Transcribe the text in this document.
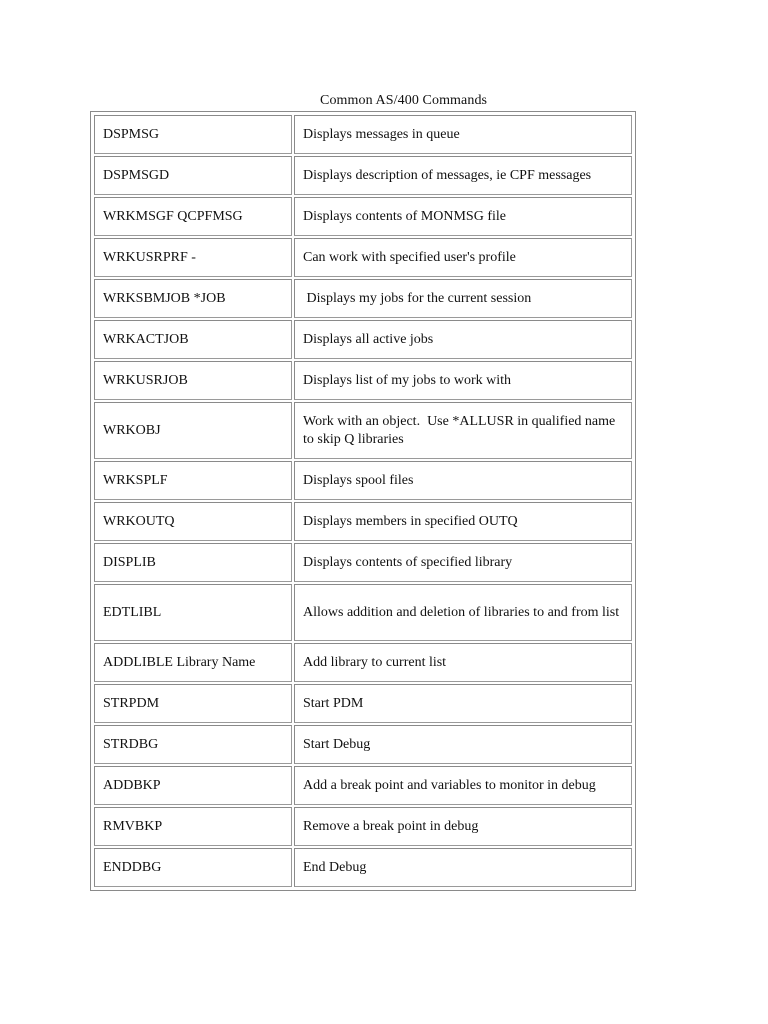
Common AS/400 Commands
DSPMSG	Displays messages in queue
DSPMSGD	Displays description of messages, ie CPF messages
WRKMSGF QCPFMSG	Displays contents of MONMSG file
WRKUSRPRF -	Can work with specified user's profile
WRKSBMJOB *JOB	Displays my jobs for the current session
WRKACTJOB	Displays all active jobs
WRKUSRJOB	Displays list of my jobs to work with
WRKOBJ	Work with an object.  Use *ALLUSR in qualified name to skip Q libraries
WRKSPLF	Displays spool files
WRKOUTQ	Displays members in specified OUTQ
DISPLIB	Displays contents of specified library
EDTLIBL	Allows addition and deletion of libraries to and from list
ADDLIBLE Library Name	Add library to current list
STRPDM	Start PDM
STRDBG	Start Debug
ADDBKP	Add a break point and variables to monitor in debug
RMVBKP	Remove a break point in debug
ENDDBG	End Debug
